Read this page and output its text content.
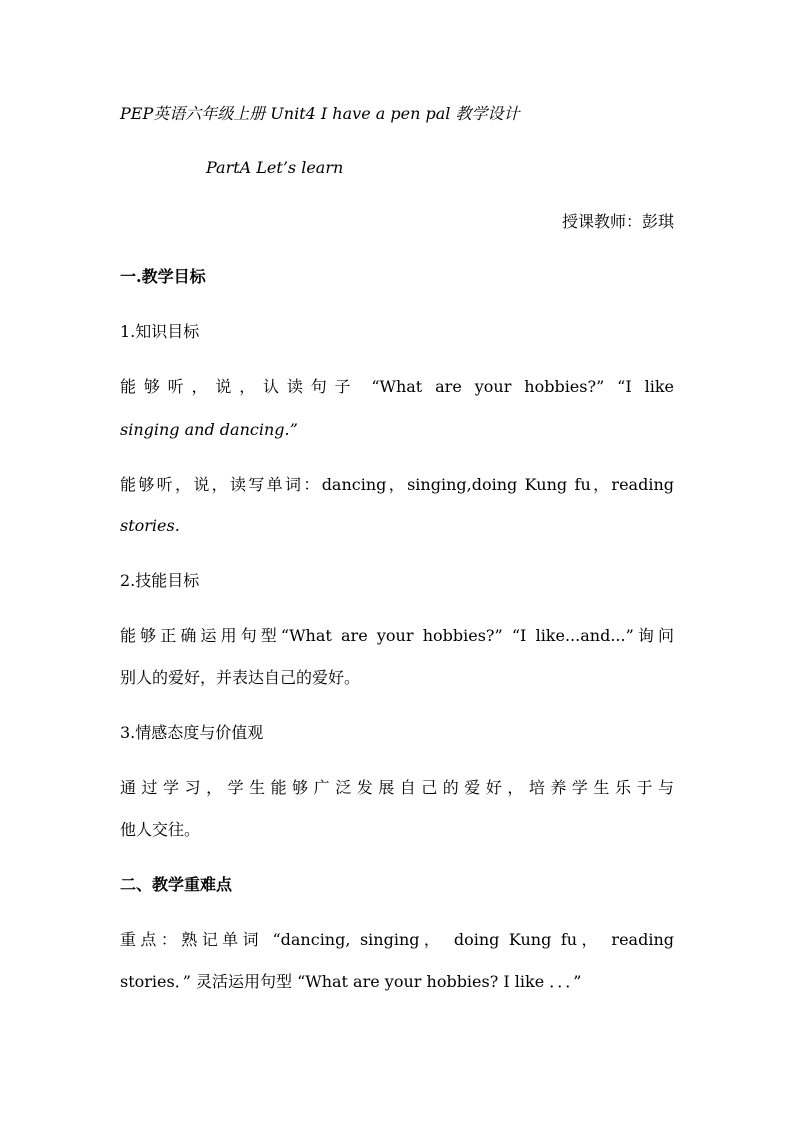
PEP英语六年级上册 Unit4 I have a pen pal 教学设计
PartA Let’s learn
授课教师：彭琪
一.教学目标
1.知识目标
能够听，说，认读句子 “What are your hobbies?” “I like
singing and dancing.”
能够听，说，读写单词：dancing，singing,doing Kung fu，reading
stories.
2.技能目标
能够正确运用句型“What are your hobbies?” “I like...and...”询问
别人的爱好，并表达自己的爱好。
3.情感态度与价值观
通过学习，学生能够广泛发展自己的爱好，培养学生乐于与
他人交往。
二、教学重难点
重点：熟记单词 “dancing, singing， doing Kung fu， reading
stories．” 灵活运用句型 “What are your hobbies? I like ．．．”
